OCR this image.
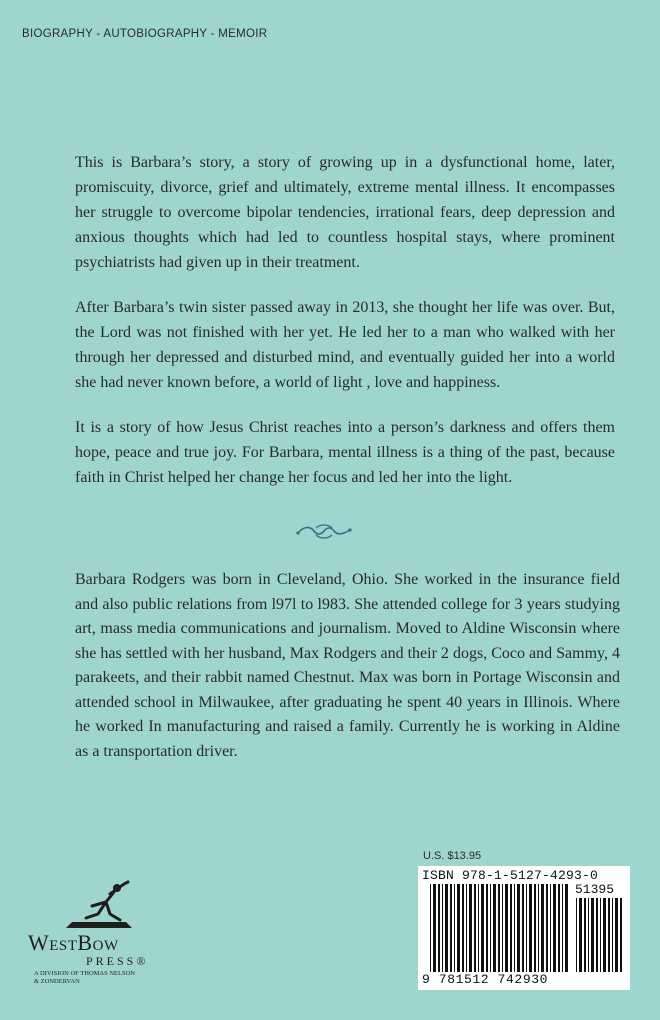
BIOGRAPHY - AUTOBIOGRAPHY - MEMOIR

This is Barbara’s story, a story of growing up in a dysfunctional home, later, promiscuity, divorce, grief and ultimately, extreme mental illness. It encompasses her struggle to overcome bipolar tendencies, irrational fears, deep depression and anxious thoughts which had led to countless hospital stays, where prominent psychiatrists had given up in their treatment.

After Barbara’s twin sister passed away in 2013, she thought her life was over. But, the Lord was not finished with her yet. He led her to a man who walked with her through her depressed and disturbed mind, and eventually guided her into a world she had never known before, a world of light , love and happiness.

It is a story of how Jesus Christ reaches into a person’s darkness and offers them hope, peace and true joy. For Barbara, mental illness is a thing of the past, because faith in Christ helped her change her focus and led her into the light.

Barbara Rodgers was born in Cleveland, Ohio. She worked in the insurance field and also public relations from l97l to l983. She attended college for 3 years studying art, mass media communications and journalism. Moved to Aldine Wisconsin where she has settled with her husband, Max Rodgers and their 2 dogs, Coco and Sammy, 4 parakeets, and their rabbit named Chestnut. Max was born in Portage Wisconsin and attended school in Milwaukee, after graduating he spent 40 years in Illinois. Where he worked In manufacturing and raised a family. Currently he is working in Aldine as a transportation driver.

U.S. $13.95
ISBN 978-1-5127-4293-0
51395
9 781512 742930
WestBow
PRESS®
A DIVISION OF THOMAS NELSON
& ZONDERVAN
